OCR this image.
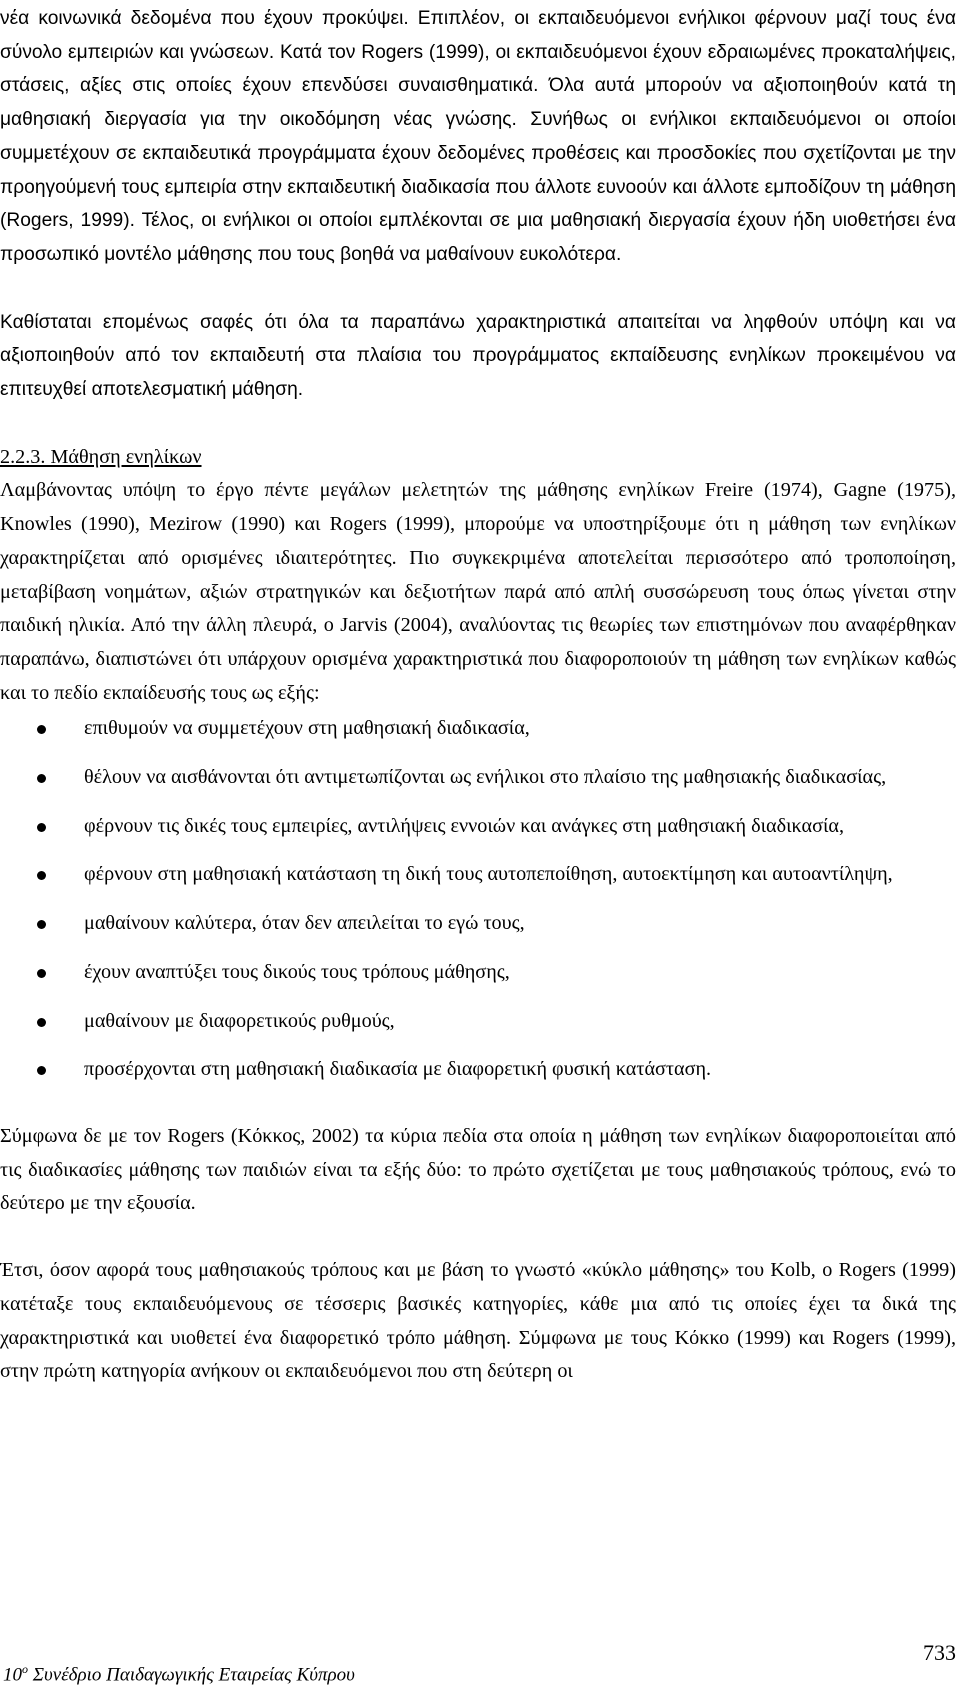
νέα κοινωνικά δεδομένα που έχουν προκύψει. Επιπλέον, οι εκπαιδευόμενοι ενήλικοι φέρνουν μαζί τους ένα σύνολο εμπειριών και γνώσεων. Κατά τον Rogers (1999), οι εκπαιδευόμενοι έχουν εδραιωμένες προκαταλήψεις, στάσεις, αξίες στις οποίες έχουν επενδύσει συναισθηματικά. Όλα αυτά μπορούν να αξιοποιηθούν κατά τη μαθησιακή διεργασία για την οικοδόμηση νέας γνώσης. Συνήθως οι ενήλικοι εκπαιδευόμενοι οι οποίοι συμμετέχουν σε εκπαιδευτικά προγράμματα έχουν δεδομένες προθέσεις και προσδοκίες που σχετίζονται με την προηγούμενή τους εμπειρία στην εκπαιδευτική διαδικασία που άλλοτε ευνοούν και άλλοτε εμποδίζουν τη μάθηση (Rogers, 1999). Τέλος, οι ενήλικοι οι οποίοι εμπλέκονται σε μια μαθησιακή διεργασία έχουν ήδη υιοθετήσει ένα προσωπικό μοντέλο μάθησης που τους βοηθά να μαθαίνουν ευκολότερα.

Καθίσταται επομένως σαφές ότι όλα τα παραπάνω χαρακτηριστικά απαιτείται να ληφθούν υπόψη και να αξιοποιηθούν από τον εκπαιδευτή στα πλαίσια του προγράμματος εκπαίδευσης ενηλίκων προκειμένου να επιτευχθεί αποτελεσματική μάθηση.

2.2.3. Μάθηση ενηλίκων

Λαμβάνοντας υπόψη το έργο πέντε μεγάλων μελετητών της μάθησης ενηλίκων Freire (1974), Gagne (1975), Knowles (1990), Mezirow (1990) και Rogers (1999), μπορούμε να υποστηρίξουμε ότι η μάθηση των ενηλίκων χαρακτηρίζεται από ορισμένες ιδιαιτερότητες. Πιο συγκεκριμένα αποτελείται περισσότερο από τροποποίηση, μεταβίβαση νοημάτων, αξιών στρατηγικών και δεξιοτήτων παρά από απλή συσσώρευση τους όπως γίνεται στην παιδική ηλικία. Από την άλλη πλευρά, ο Jarvis (2004), αναλύοντας τις θεωρίες των επιστημόνων που αναφέρθηκαν παραπάνω, διαπιστώνει ότι υπάρχουν ορισμένα χαρακτηριστικά που διαφοροποιούν τη μάθηση των ενηλίκων καθώς και το πεδίο εκπαίδευσής τους ως εξής:

επιθυμούν να συμμετέχουν στη μαθησιακή διαδικασία,
θέλουν να αισθάνονται ότι αντιμετωπίζονται ως ενήλικοι στο πλαίσιο της μαθησιακής διαδικασίας,
φέρνουν τις δικές τους εμπειρίες, αντιλήψεις εννοιών και ανάγκες στη μαθησιακή διαδικασία,
φέρνουν στη μαθησιακή κατάσταση τη δική τους αυτοπεποίθηση, αυτοεκτίμηση και αυτοαντίληψη,
μαθαίνουν καλύτερα, όταν δεν απειλείται το εγώ τους,
έχουν αναπτύξει τους δικούς τους τρόπους μάθησης,
μαθαίνουν με διαφορετικούς ρυθμούς,
προσέρχονται στη μαθησιακή διαδικασία με διαφορετική φυσική κατάσταση.

Σύμφωνα δε με τον Rogers (Κόκκος, 2002) τα κύρια πεδία στα οποία η μάθηση των ενηλίκων διαφοροποιείται από τις διαδικασίες μάθησης των παιδιών είναι τα εξής δύο: το πρώτο σχετίζεται με τους μαθησιακούς τρόπους, ενώ το δεύτερο με την εξουσία.

Έτσι, όσον αφορά τους μαθησιακούς τρόπους και με βάση το γνωστό «κύκλο μάθησης» του Kolb, ο Rogers (1999) κατέταξε τους εκπαιδευόμενους σε τέσσερις βασικές κατηγορίες, κάθε μια από τις οποίες έχει τα δικά της χαρακτηριστικά και υιοθετεί ένα διαφορετικό τρόπο μάθηση. Σύμφωνα με τους Κόκκο (1999) και Rogers (1999), στην πρώτη κατηγορία ανήκουν οι εκπαιδευόμενοι που στη δεύτερη οι

$10^o$ Συνέδριο Παιδαγωγικής Εταιρείας Κύπρου
733
